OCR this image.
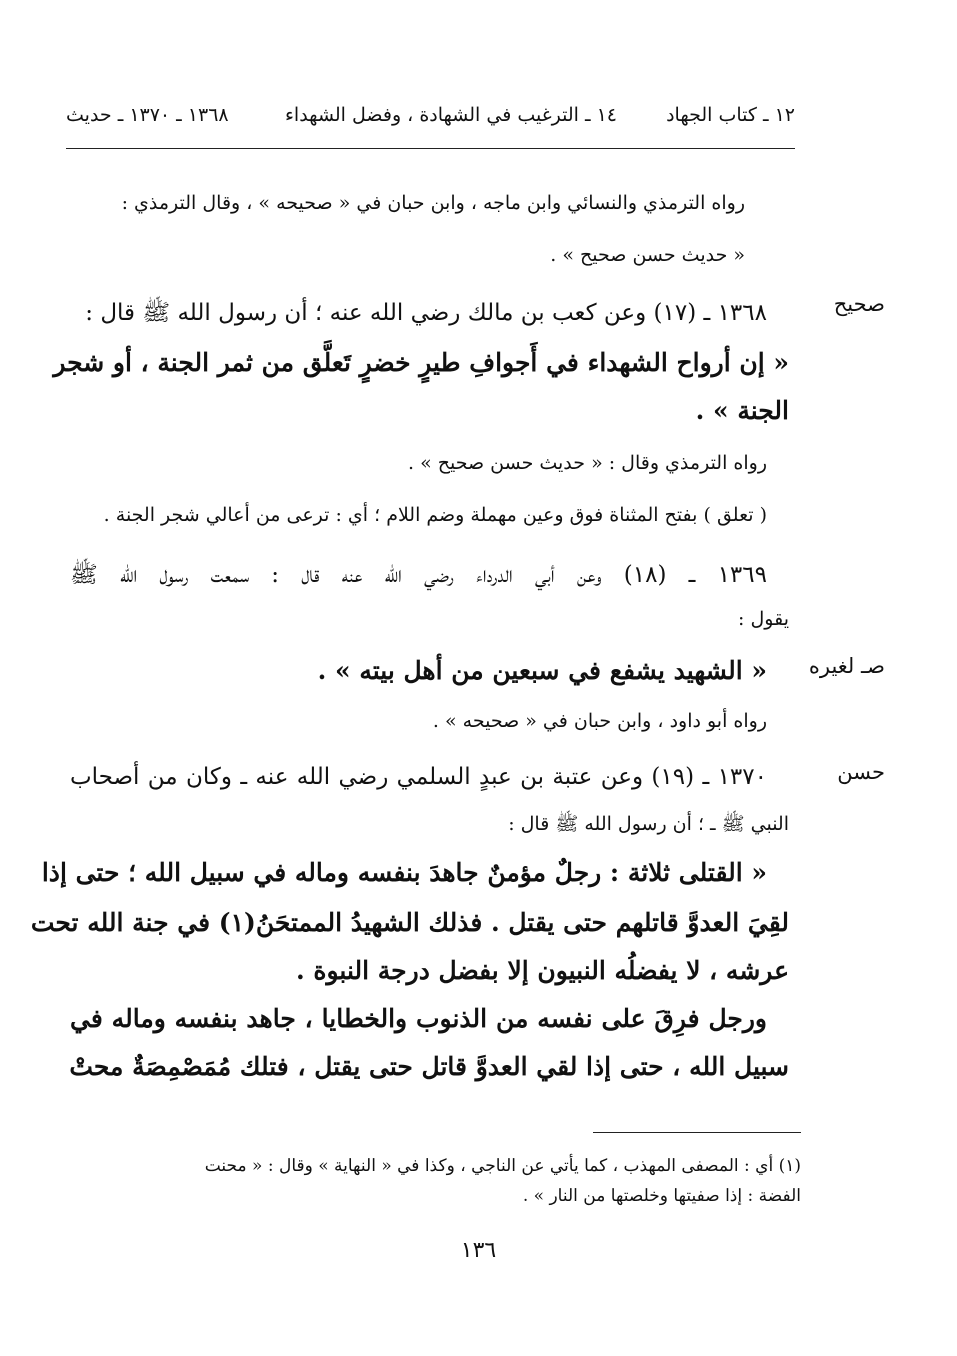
١٢ ـ كتاب الجهاد
١٤ ـ الترغيب في الشهادة ، وفضل الشهداء
١٣٦٨ ـ ١٣٧٠ ـ حديث
صحيح
صـ لغيره
حسن
رواه الترمذي والنسائي وابن ماجه ، وابن حبان في « صحيحه » ، وقال الترمذي :
« حديث حسن صحيح » .
١٣٦٨ ـ (١٧) وعن كعب بن مالك رضي الله عنه ؛ أن رسول الله ﷺ قال :
« إن أرواح الشهداء في أَجوافِ طيرٍ خضرٍ تَعلَّق من ثمر الجنة ، أو شجر
الجنة » .
رواه الترمذي وقال : « حديث حسن صحيح » .
( تعلق ) بفتح المثناة فوق وعين مهملة وضم اللام ؛ أي : ترعى من أعالي شجر الجنة .
١٣٦٩ ـ (١٨) وعن أبي الدرداء رضي الله عنه قال : سمعت رسول الله ﷺ
يقول :
« الشهيد يشفع في سبعين من أهل بيته » .
رواه أبو داود ، وابن حبان في « صحيحه » .
١٣٧٠ ـ (١٩) وعن عتبة بن عبدٍ السلمي رضي الله عنه ـ وكان من أصحاب
النبي ﷺ ـ ؛ أن رسول الله ﷺ قال :
« القتلى ثلاثة : رجلٌ مؤمنٌ جاهدَ بنفسه وماله في سبيل الله ؛ حتى إذا
لقِيَ العدوَّ قاتلهم حتى يقتل . فذلك الشهيدُ الممتحَنُ(١) في جنة الله تحت
عرشه ، لا يفضلُه النبيون إلا بفضل درجة النبوة .
ورجل فرِقَ على نفسه من الذنوب والخطايا ، جاهد بنفسه وماله في
سبيل الله ، حتى إذا لقي العدوَّ قاتل حتى يقتل ، فتلك مُمَصْمِصَةٌ محتْ
(١) أي : المصفى المهذب ، كما يأتي عن الناجي ، وكذا في « النهاية » وقال : « محنت
الفضة : إذا صفيتها وخلصتها من النار » .
١٣٦
